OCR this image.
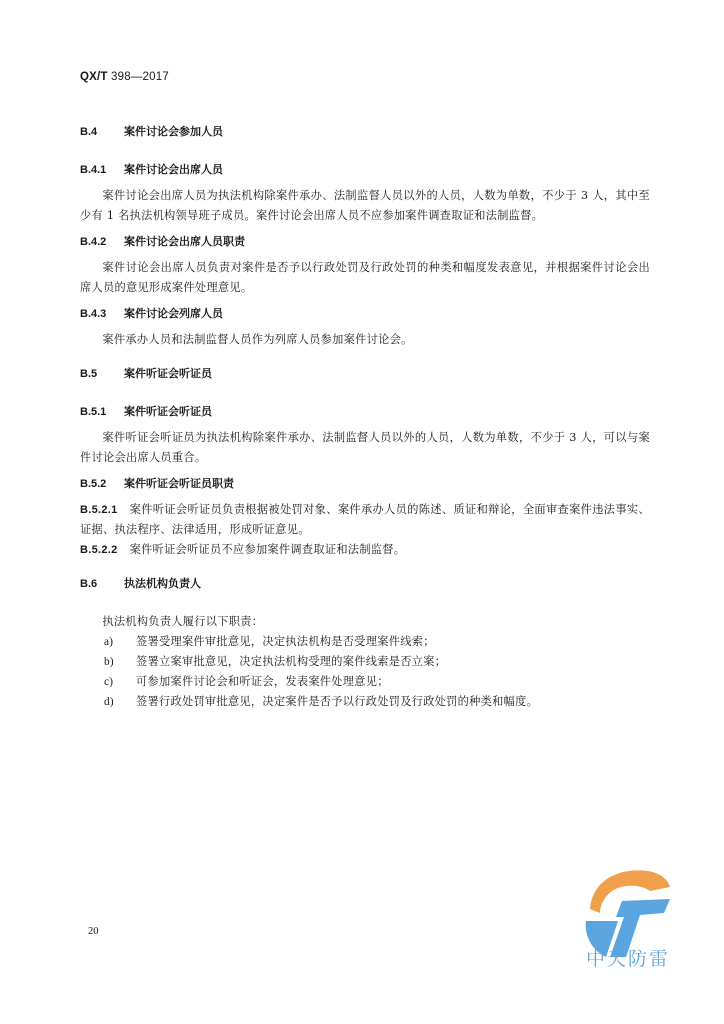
QX/T 398—2017
B.4 案件讨论会参加人员
B.4.1 案件讨论会出席人员

案件讨论会出席人员为执法机构除案件承办、法制监督人员以外的人员，人数为单数，不少于 3 人，其中至少有 1 名执法机构领导班子成员。案件讨论会出席人员不应参加案件调查取证和法制监督。

B.4.2 案件讨论会出席人员职责

案件讨论会出席人员负责对案件是否予以行政处罚及行政处罚的种类和幅度发表意见，并根据案件讨论会出席人员的意见形成案件处理意见。

B.4.3 案件讨论会列席人员

案件承办人员和法制监督人员作为列席人员参加案件讨论会。

B.5 案件听证会听证员
B.5.1 案件听证会听证员

案件听证会听证员为执法机构除案件承办、法制监督人员以外的人员，人数为单数，不少于 3 人，可以与案件讨论会出席人员重合。

B.5.2 案件听证会听证员职责

B.5.2.1 案件听证会听证员负责根据被处罚对象、案件承办人员的陈述、质证和辩论，全面审查案件违法事实、证据、执法程序、法律适用，形成听证意见。

B.5.2.2 案件听证会听证员不应参加案件调查取证和法制监督。

B.6 执法机构负责人

执法机构负责人履行以下职责：

a)	签署受理案件审批意见，决定执法机构是否受理案件线索；
b)	签署立案审批意见，决定执法机构受理的案件线索是否立案；
c)	可参加案件讨论会和听证会，发表案件处理意见；
d)	签署行政处罚审批意见，决定案件是否予以行政处罚及行政处罚的种类和幅度。
20
中天防雷
